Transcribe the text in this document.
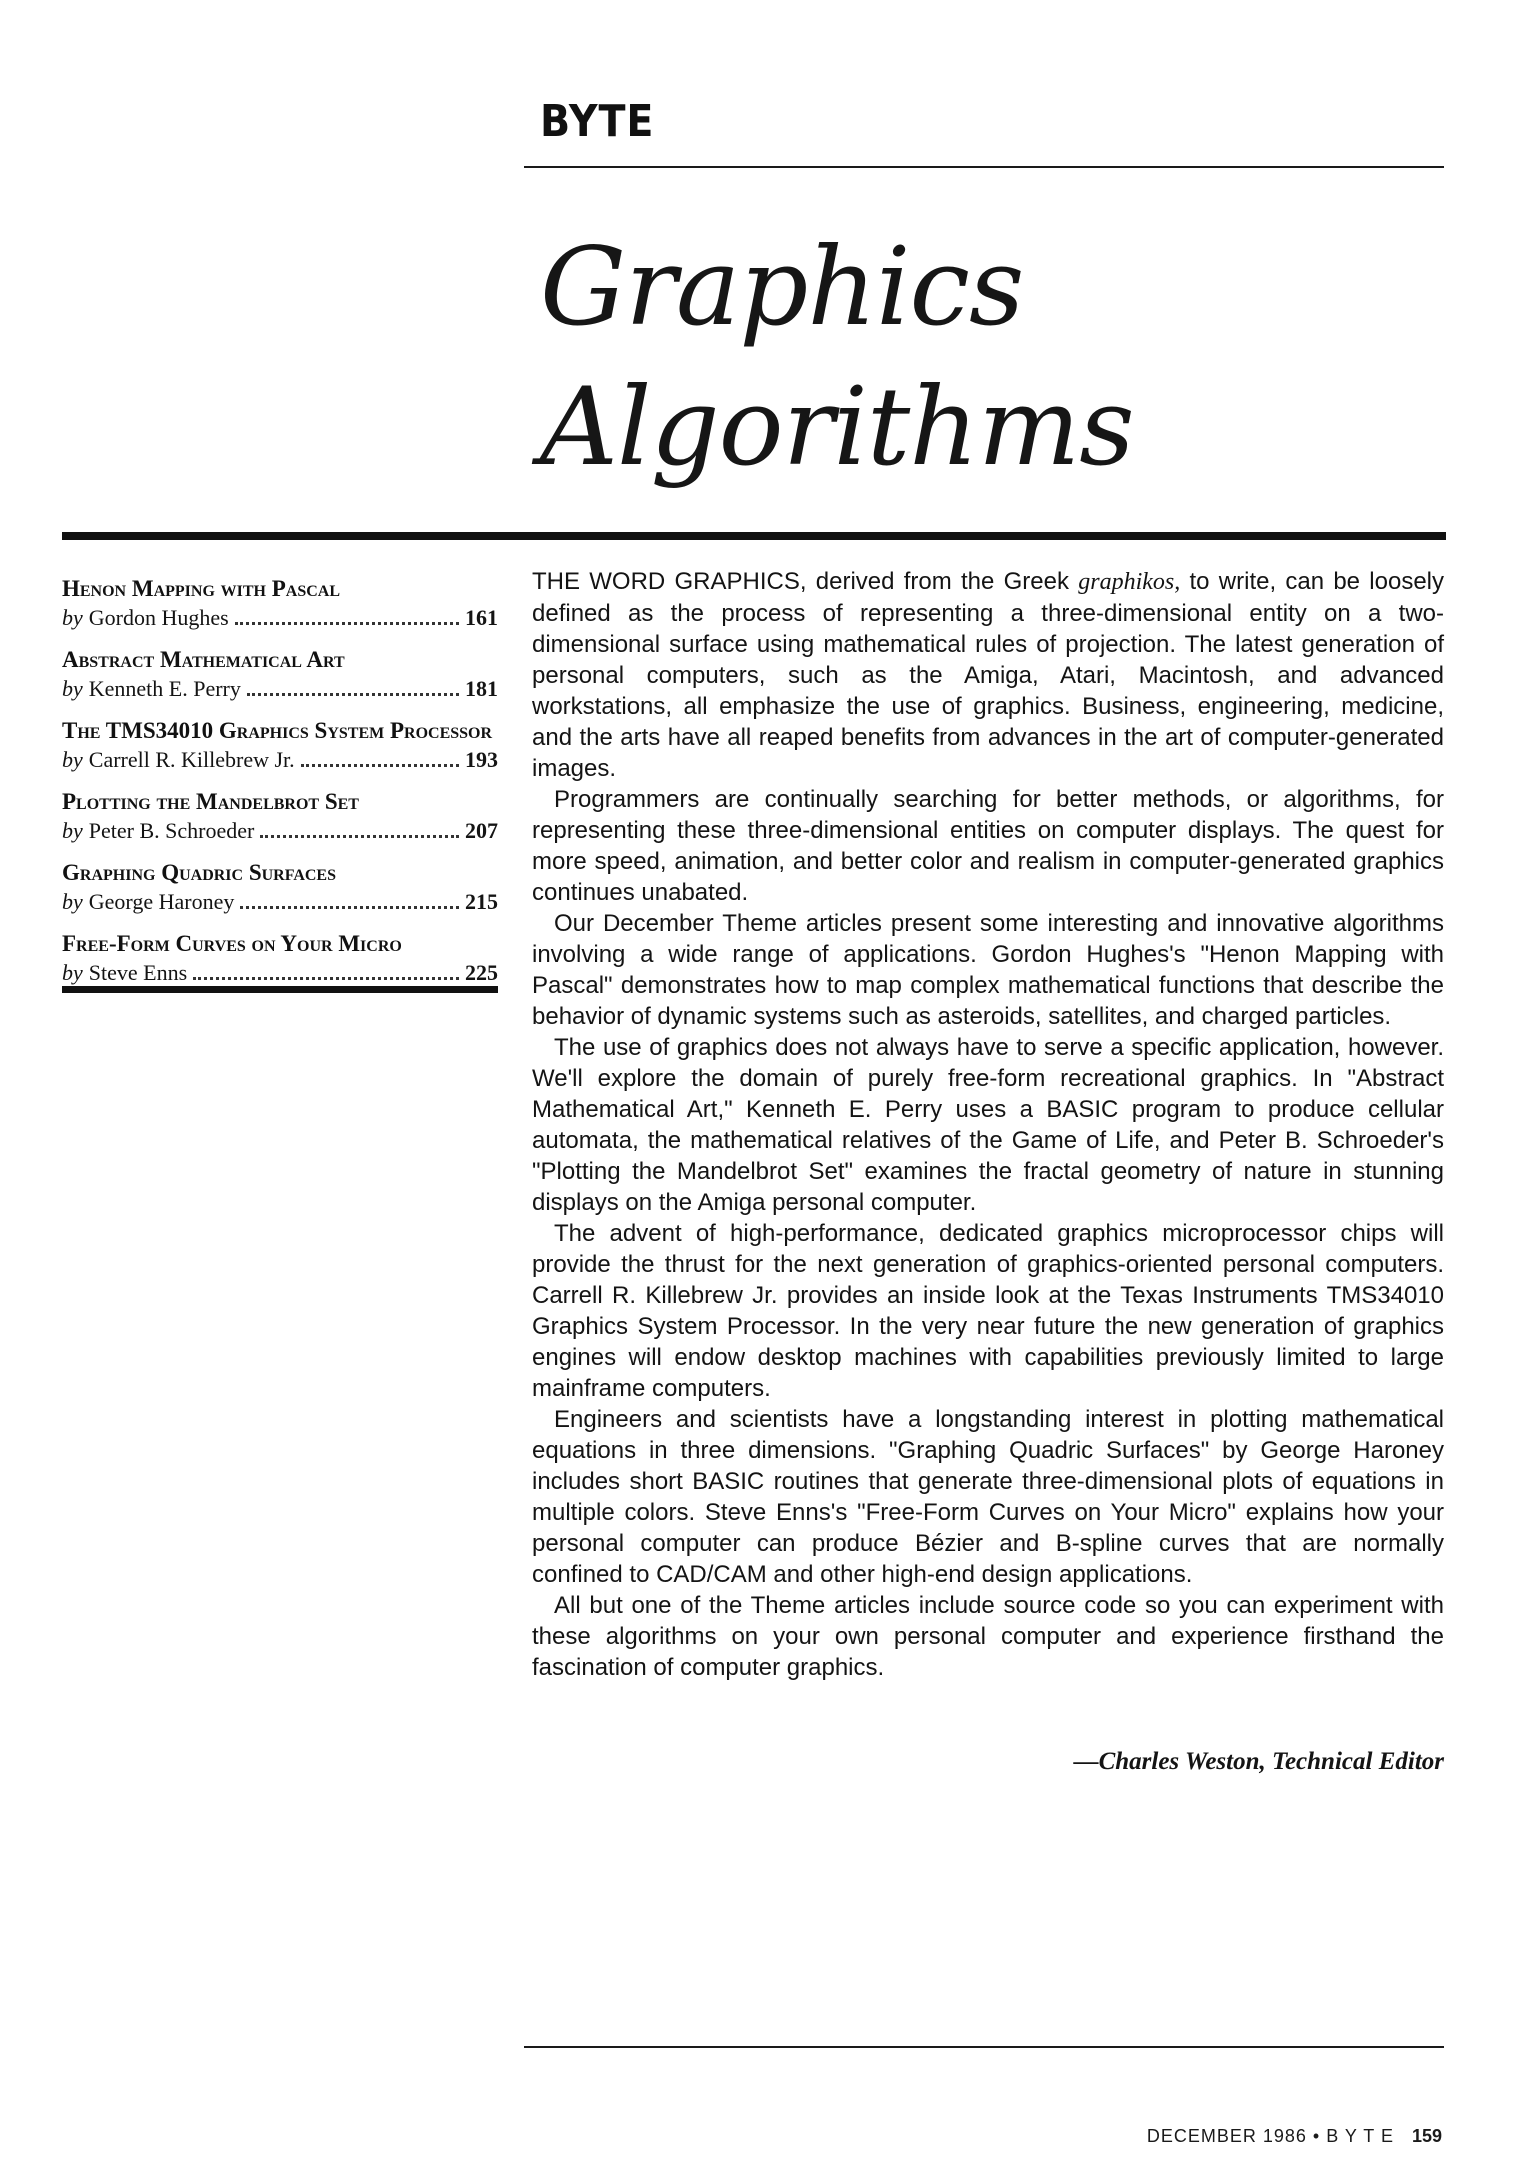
BYTE
Graphics
Algorithms
Henon Mapping with Pascal
by Gordon Hughes	161
Abstract Mathematical Art
by Kenneth E. Perry	181
The TMS34010 Graphics System Processor
by Carrell R. Killebrew Jr.	193
Plotting the Mandelbrot Set
by Peter B. Schroeder	207
Graphing Quadric Surfaces
by George Haroney	215
Free-Form Curves on Your Micro
by Steve Enns	225

THE WORD GRAPHICS, derived from the Greek graphikos, to write, can be loosely defined as the process of representing a three-dimensional entity on a two-dimensional surface using mathematical rules of projection. The latest generation of personal computers, such as the Amiga, Atari, Macintosh, and advanced workstations, all emphasize the use of graphics. Business, engineering, medicine, and the arts have all reaped benefits from advances in the art of computer-generated images.

Programmers are continually searching for better methods, or algorithms, for representing these three-dimensional entities on computer displays. The quest for more speed, animation, and better color and realism in computer-generated graphics continues unabated.

Our December Theme articles present some interesting and innovative algorithms involving a wide range of applications. Gordon Hughes's "Henon Mapping with Pascal" demonstrates how to map complex mathematical functions that describe the behavior of dynamic systems such as asteroids, satellites, and charged particles.

The use of graphics does not always have to serve a specific application, however. We'll explore the domain of purely free-form recreational graphics. In "Abstract Mathematical Art," Kenneth E. Perry uses a BASIC program to produce cellular automata, the mathematical relatives of the Game of Life, and Peter B. Schroeder's "Plotting the Mandelbrot Set" examines the fractal geometry of nature in stunning displays on the Amiga personal computer.

The advent of high-performance, dedicated graphics microprocessor chips will provide the thrust for the next generation of graphics-oriented personal computers. Carrell R. Killebrew Jr. provides an inside look at the Texas Instruments TMS34010 Graphics System Processor. In the very near future the new generation of graphics engines will endow desktop machines with capabilities previously limited to large mainframe computers.

Engineers and scientists have a longstanding interest in plotting mathematical equations in three dimensions. "Graphing Quadric Surfaces" by George Haroney includes short BASIC routines that generate three-dimensional plots of equations in multiple colors. Steve Enns's "Free-Form Curves on Your Micro" explains how your personal computer can produce Bézier and B-spline curves that are normally confined to CAD/CAM and other high-end design applications.

All but one of the Theme articles include source code so you can experiment with these algorithms on your own personal computer and experience firsthand the fascination of computer graphics.

—Charles Weston, Technical Editor
DECEMBER 1986 • B Y T E 159
